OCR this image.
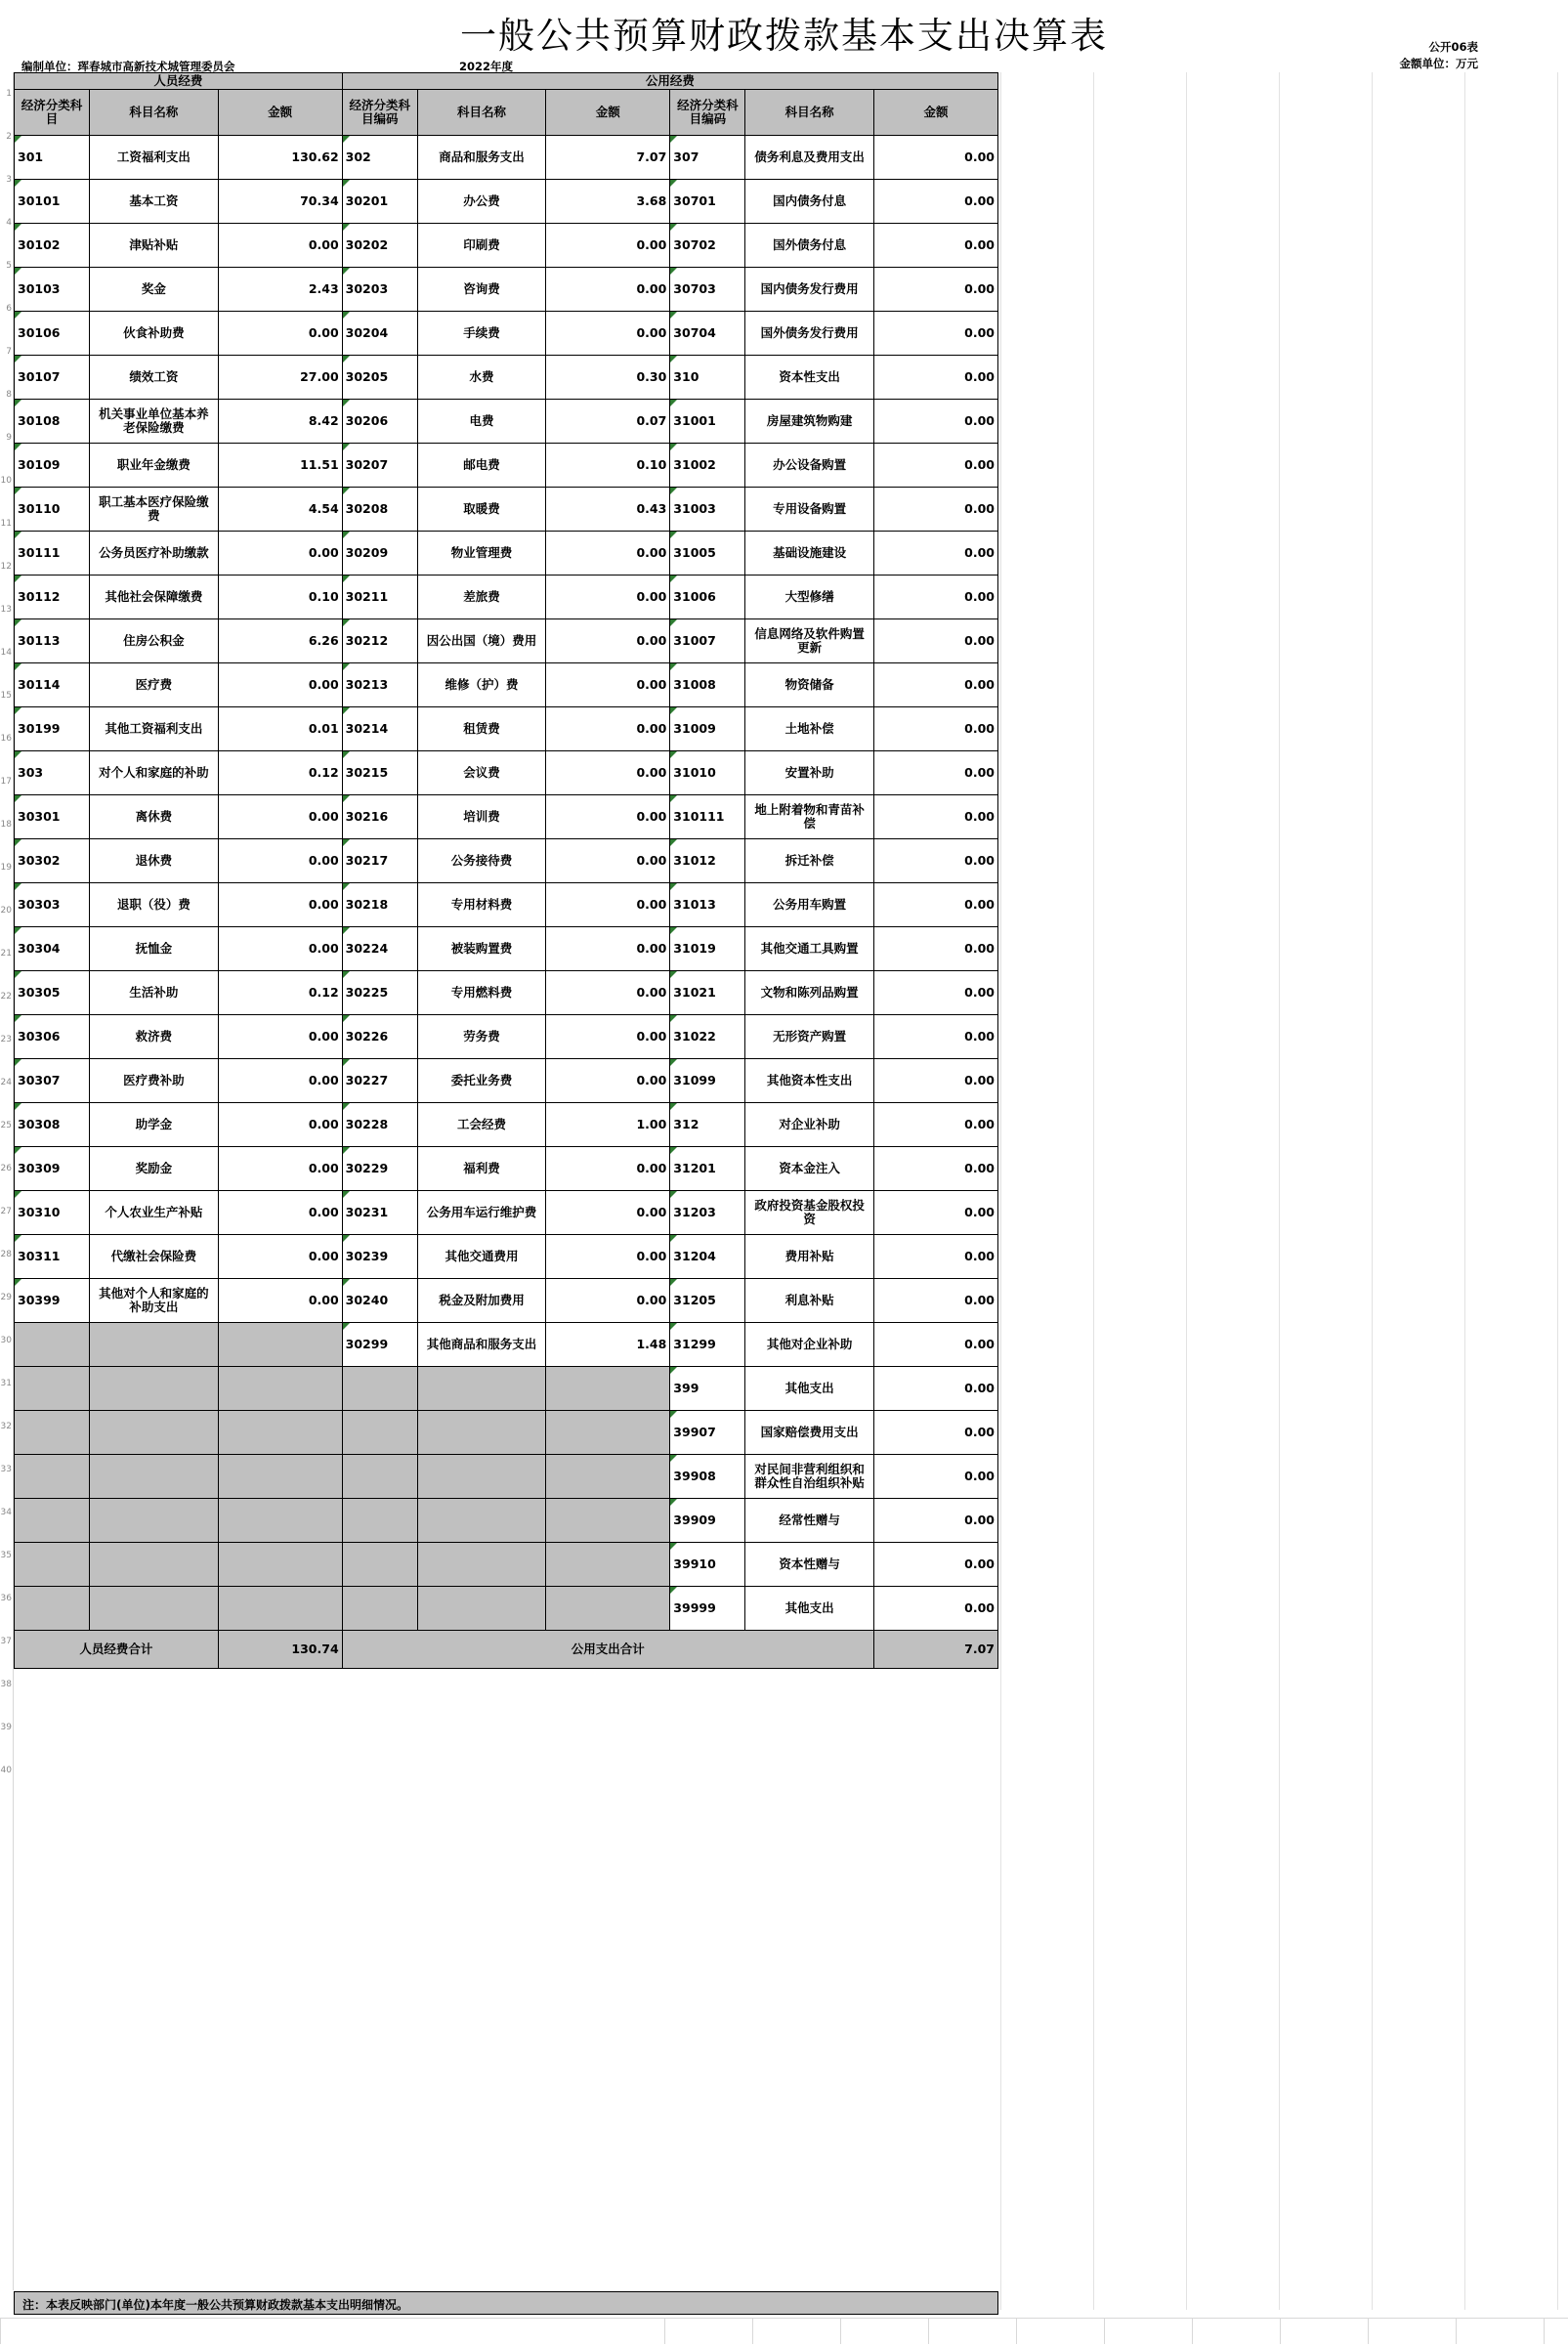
一般公共预算财政拨款基本支出决算表
编制单位：珲春城市高新技术城管理委员会	2022年度
公开06表
金额单位：万元
1
2
3
4
5
6
7
8
9
10
11
12
13
14
15
16
17
18
19
20
21
22
23
24
25
26
27
28
29
30
31
32
33
34
35
36
37
38
39
40
人员经费			公用经费					
经济分类科目	科目名称	金额	经济分类科目编码	科目名称	金额	经济分类科目编码	科目名称	金额
301	工资福利支出	130.62	302	商品和服务支出	7.07	307	债务利息及费用支出	0.00
30101	基本工资	70.34	30201	办公费	3.68	30701	国内债务付息	0.00
30102	津贴补贴	0.00	30202	印刷费	0.00	30702	国外债务付息	0.00
30103	奖金	2.43	30203	咨询费	0.00	30703	国内债务发行费用	0.00
30106	伙食补助费	0.00	30204	手续费	0.00	30704	国外债务发行费用	0.00
30107	绩效工资	27.00	30205	水费	0.30	310	资本性支出	0.00
30108	机关事业单位基本养老保险缴费	8.42	30206	电费	0.07	31001	房屋建筑物购建	0.00
30109	职业年金缴费	11.51	30207	邮电费	0.10	31002	办公设备购置	0.00
30110	职工基本医疗保险缴费	4.54	30208	取暖费	0.43	31003	专用设备购置	0.00
30111	公务员医疗补助缴款	0.00	30209	物业管理费	0.00	31005	基础设施建设	0.00
30112	其他社会保障缴费	0.10	30211	差旅费	0.00	31006	大型修缮	0.00
30113	住房公积金	6.26	30212	因公出国（境）费用	0.00	31007	信息网络及软件购置更新	0.00
30114	医疗费	0.00	30213	维修（护）费	0.00	31008	物资储备	0.00
30199	其他工资福利支出	0.01	30214	租赁费	0.00	31009	土地补偿	0.00
303	对个人和家庭的补助	0.12	30215	会议费	0.00	31010	安置补助	0.00
30301	离休费	0.00	30216	培训费	0.00	310111	地上附着物和青苗补偿	0.00
30302	退休费	0.00	30217	公务接待费	0.00	31012	拆迁补偿	0.00
30303	退职（役）费	0.00	30218	专用材料费	0.00	31013	公务用车购置	0.00
30304	抚恤金	0.00	30224	被装购置费	0.00	31019	其他交通工具购置	0.00
30305	生活补助	0.12	30225	专用燃料费	0.00	31021	文物和陈列品购置	0.00
30306	救济费	0.00	30226	劳务费	0.00	31022	无形资产购置	0.00
30307	医疗费补助	0.00	30227	委托业务费	0.00	31099	其他资本性支出	0.00
30308	助学金	0.00	30228	工会经费	1.00	312	对企业补助	0.00
30309	奖励金	0.00	30229	福利费	0.00	31201	资本金注入	0.00
30310	个人农业生产补贴	0.00	30231	公务用车运行维护费	0.00	31203	政府投资基金股权投资	0.00
30311	代缴社会保险费	0.00	30239	其他交通费用	0.00	31204	费用补贴	0.00
30399	其他对个人和家庭的补助支出	0.00	30240	税金及附加费用	0.00	31205	利息补贴	0.00
			30299	其他商品和服务支出	1.48	31299	其他对企业补助	0.00
						399	其他支出	0.00
						39907	国家赔偿费用支出	0.00
						39908	对民间非营利组织和群众性自治组织补贴	0.00
						39909	经常性赠与	0.00
						39910	资本性赠与	0.00
						39999	其他支出	0.00
人员经费合计		130.74	公用支出合计					7.07
注：本表反映部门(单位)本年度一般公共预算财政拨款基本支出明细情况。
